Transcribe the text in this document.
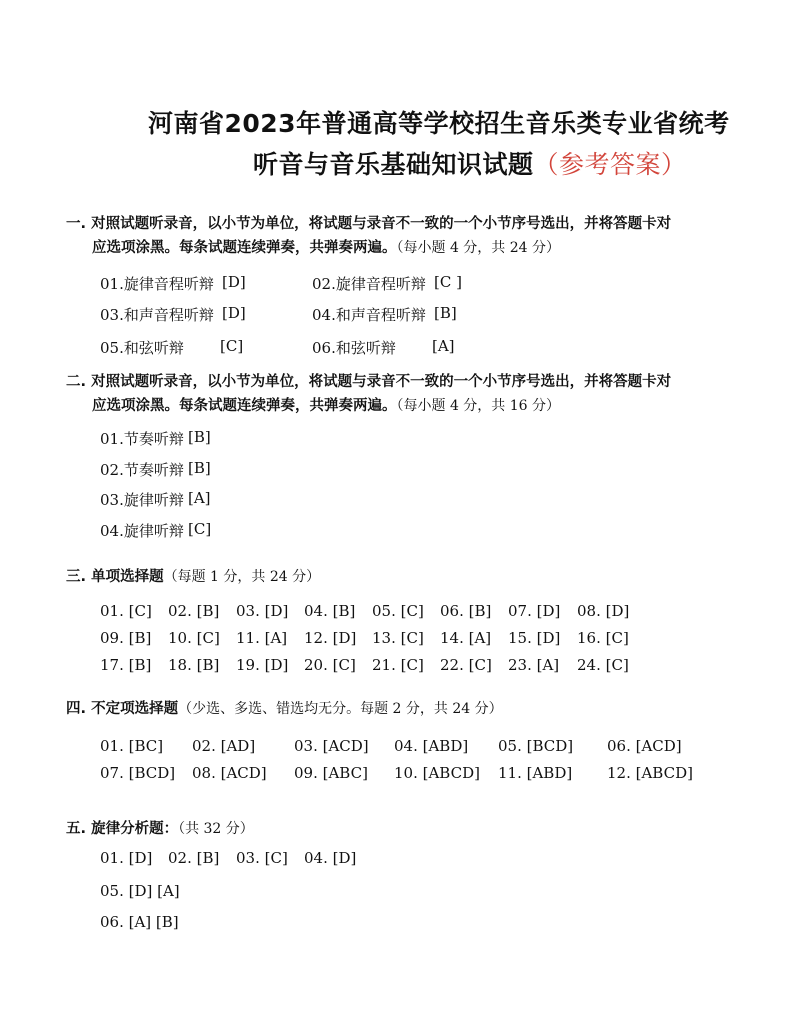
河南省2023年普通高等学校招生音乐类专业省统考
听音与音乐基础知识试题（参考答案）
一. 对照试题听录音，以小节为单位，将试题与录音不一致的一个小节序号选出，并将答题卡对
应选项涂黑。每条试题连续弹奏，共弹奏两遍。（每小题 4 分，共 24 分）
01.旋律音程听辩 [D]	02.旋律音程听辩 [C ]
03.和声音程听辩 [D]	04.和声音程听辩 [B]
05.和弦听辩 [C]	06.和弦听辩 [A]
二. 对照试题听录音，以小节为单位，将试题与录音不一致的一个小节序号选出，并将答题卡对
应选项涂黑。每条试题连续弹奏，共弹奏两遍。（每小题 4 分，共 16 分）
01.节奏听辩 [B]
02.节奏听辩 [B]
03.旋律听辩 [A]
04.旋律听辩 [C]
三. 单项选择题（每题 1 分，共 24 分）
01. [C] 02. [B] 03. [D] 04. [B] 05. [C] 06. [B] 07. [D] 08. [D]
09. [B] 10. [C] 11. [A] 12. [D] 13. [C] 14. [A] 15. [D] 16. [C]
17. [B] 18. [B] 19. [D] 20. [C] 21. [C] 22. [C] 23. [A] 24. [C]
四. 不定项选择题（少选、多选、错选均无分。每题 2 分，共 24 分）
01. [BC] 02. [AD]	03. [ACD] 04. [ABD] 05. [BCD] 06. [ACD]
07. [BCD] 08. [ACD] 09. [ABC] 10. [ABCD] 11. [ABD] 12. [ABCD]
五. 旋律分析题：（共 32 分）
01. [D] 02. [B] 03. [C] 04. [D]
05. [D] [A]
06. [A] [B]
